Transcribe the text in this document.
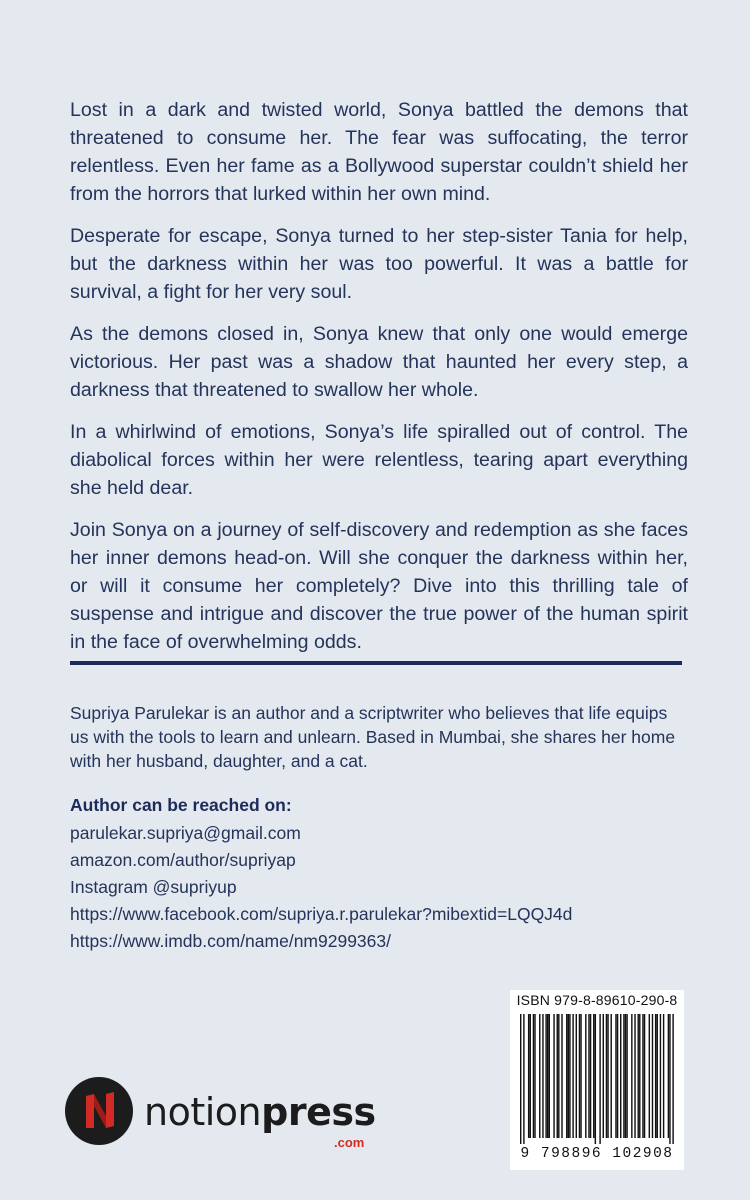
Lost in a dark and twisted world, Sonya battled the demons that threatened to consume her. The fear was suffocating, the terror relentless. Even her fame as a Bollywood superstar couldn’t shield her from the horrors that lurked within her own mind.

Desperate for escape, Sonya turned to her step-sister Tania for help, but the darkness within her was too powerful. It was a battle for survival, a fight for her very soul.

As the demons closed in, Sonya knew that only one would emerge victorious. Her past was a shadow that haunted her every step, a darkness that threatened to swallow her whole.

In a whirlwind of emotions, Sonya’s life spiralled out of control. The diabolical forces within her were relentless, tearing apart everything she held dear.

Join Sonya on a journey of self-discovery and redemption as she faces her inner demons head-on. Will she conquer the darkness within her, or will it consume her completely? Dive into this thrilling tale of suspense and intrigue and discover the true power of the human spirit in the face of overwhelming odds.

Supriya Parulekar is an author and a scriptwriter who believes that life equips us with the tools to learn and unlearn. Based in Mumbai, she shares her home with her husband, daughter, and a cat.

Author can be reached on:
parulekar.supriya@gmail.com
amazon.com/author/supriyap
Instagram @supriyup
https://www.facebook.com/supriya.r.parulekar?mibextid=LQQJ4d
https://www.imdb.com/name/nm9299363/
ISBN 979-8-89610-290-8
9 798896 102908
notionpress
.com
